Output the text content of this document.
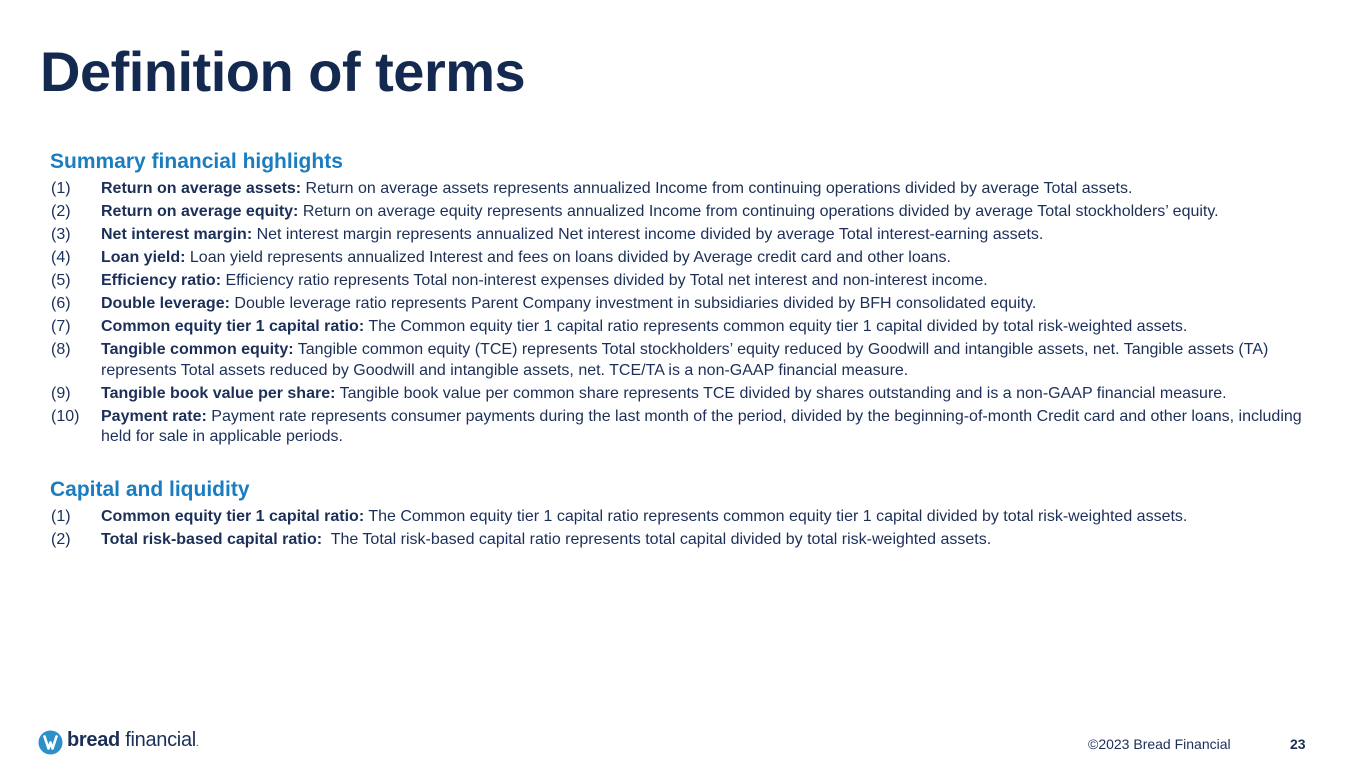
Definition of terms
Summary financial highlights
(1)	Return on average assets: Return on average assets represents annualized Income from continuing operations divided by average Total assets.

(2)	Return on average equity: Return on average equity represents annualized Income from continuing operations divided by average Total stockholders’ equity.

(3)	Net interest margin: Net interest margin represents annualized Net interest income divided by average Total interest-earning assets.

(4)	Loan yield: Loan yield represents annualized Interest and fees on loans divided by Average credit card and other loans.

(5)	Efficiency ratio: Efficiency ratio represents Total non-interest expenses divided by Total net interest and non-interest income.

(6)	Double leverage: Double leverage ratio represents Parent Company investment in subsidiaries divided by BFH consolidated equity.

(7)	Common equity tier 1 capital ratio: The Common equity tier 1 capital ratio represents common equity tier 1 capital divided by total risk-weighted assets.

(8)	Tangible common equity: Tangible common equity (TCE) represents Total stockholders’ equity reduced by Goodwill and intangible assets, net. Tangible assets (TA) represents Total assets reduced by Goodwill and intangible assets, net. TCE/TA is a non-GAAP financial measure.

(9)	Tangible book value per share: Tangible book value per common share represents TCE divided by shares outstanding and is a non-GAAP financial measure.

(10)	Payment rate: Payment rate represents consumer payments during the last month of the period, divided by the beginning-of-month Credit card and other loans, including held for sale in applicable periods.

Capital and liquidity
(1)	Common equity tier 1 capital ratio: The Common equity tier 1 capital ratio represents common equity tier 1 capital divided by total risk-weighted assets.

(2)	Total risk-based capital ratio:  The Total risk-based capital ratio represents total capital divided by total risk-weighted assets.

bread financial.	©2023 Bread Financial	23
